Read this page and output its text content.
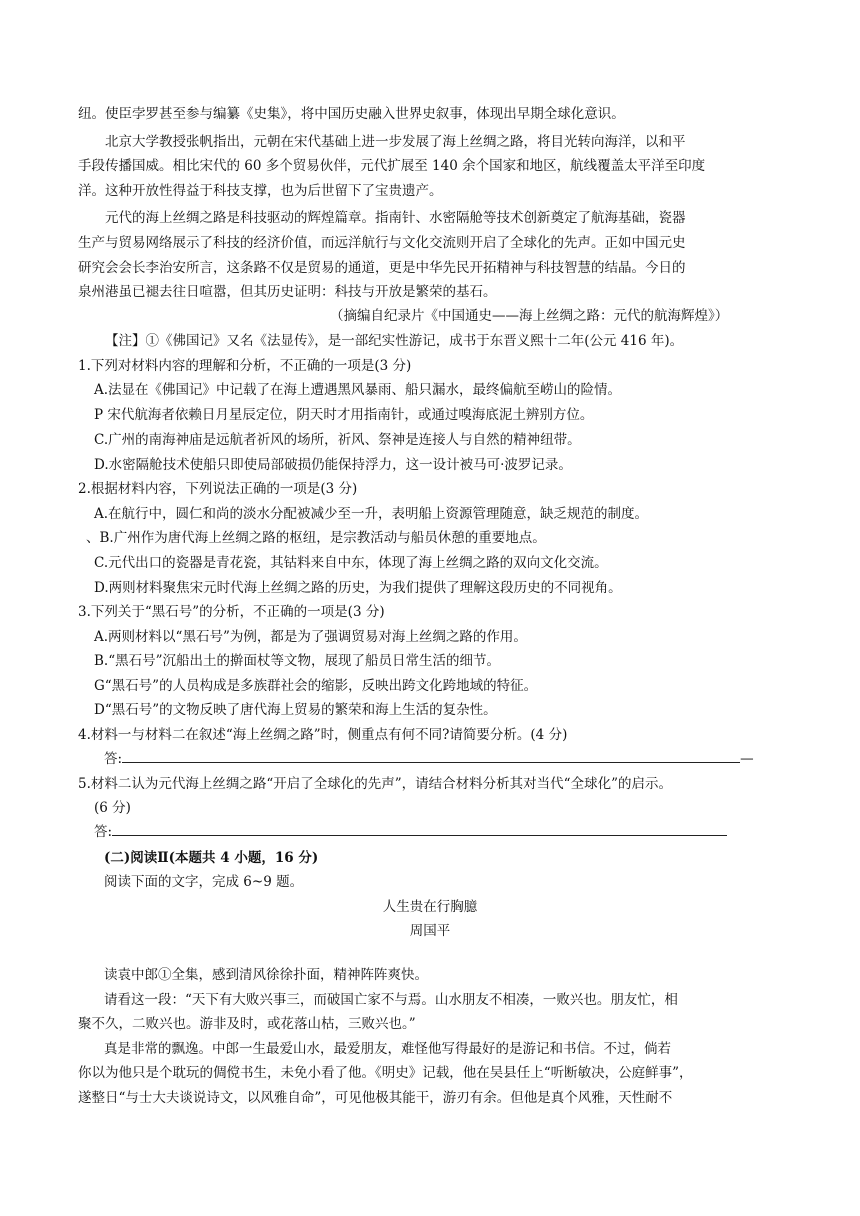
纽。使臣孛罗甚至参与编纂《史集》，将中国历史融入世界史叙事，体现出早期全球化意识。
北京大学教授张帆指出，元朝在宋代基础上进一步发展了海上丝绸之路，将目光转向海洋，以和平
手段传播国威。相比宋代的 60 多个贸易伙伴，元代扩展至 140 余个国家和地区，航线覆盖太平洋至印度
洋。这种开放性得益于科技支撑，也为后世留下了宝贵遗产。
元代的海上丝绸之路是科技驱动的辉煌篇章。指南针、水密隔舱等技术创新奠定了航海基础，瓷器
生产与贸易网络展示了科技的经济价值，而远洋航行与文化交流则开启了全球化的先声。正如中国元史
研究会会长李治安所言，这条路不仅是贸易的通道，更是中华先民开拓精神与科技智慧的结晶。今日的
泉州港虽已褪去往日喧嚣，但其历史证明：科技与开放是繁荣的基石。
（摘编自纪录片《中国通史——海上丝绸之路：元代的航海辉煌》）
【注】①《佛国记》又名《法显传》，是一部纪实性游记，成书于东晋义熙十二年(公元 416 年)。
1.下列对材料内容的理解和分析，不正确的一项是(3 分)
A.法显在《佛国记》中记载了在海上遭遇黑风暴雨、船只漏水，最终偏航至崂山的险情。
P 宋代航海者依赖日月星辰定位，阴天时才用指南针，或通过嗅海底泥土辨别方位。
C.广州的南海神庙是远航者祈风的场所，祈风、祭神是连接人与自然的精神纽带。
D.水密隔舱技术使船只即使局部破损仍能保持浮力，这一设计被马可·波罗记录。
2.根据材料内容，下列说法正确的一项是(3 分)
A.在航行中，圆仁和尚的淡水分配被减少至一升，表明船上资源管理随意，缺乏规范的制度。
、B.广州作为唐代海上丝绸之路的枢纽，是宗教活动与船员休憩的重要地点。
C.元代出口的瓷器是青花瓷，其钴料来自中东，体现了海上丝绸之路的双向文化交流。
D.两则材料聚焦宋元时代海上丝绸之路的历史，为我们提供了理解这段历史的不同视角。
3.下列关于“黑石号”的分析，不正确的一项是(3 分)
A.两则材料以“黑石号”为例，都是为了强调贸易对海上丝绸之路的作用。
B.“黑石号”沉船出土的擀面杖等文物，展现了船员日常生活的细节。
G“黑石号”的人员构成是多族群社会的缩影，反映出跨文化跨地域的特征。
D“黑石号”的文物反映了唐代海上贸易的繁荣和海上生活的复杂性。
4.材料一与材料二在叙述“海上丝绸之路”时，侧重点有何不同?请简要分析。(4 分)
答:	—
5.材料二认为元代海上丝绸之路“开启了全球化的先声”，请结合材料分析其对当代“全球化”的启示。
(6 分)
答:
(二)阅读Ⅱ(本题共 4 小题，16 分)
阅读下面的文字，完成 6~9 题。
人生贵在行胸臆
周国平
读袁中郎①全集，感到清风徐徐扑面，精神阵阵爽快。
请看这一段：“天下有大败兴事三，而破国亡家不与焉。山水朋友不相凑，一败兴也。朋友忙，相
聚不久，二败兴也。游非及时，或花落山枯，三败兴也。”
真是非常的飘逸。中郎一生最爱山水，最爱朋友，难怪他写得最好的是游记和书信。不过，倘若
你以为他只是个耽玩的倜傥书生，未免小看了他。《明史》记载，他在吴县任上“听断敏决，公庭鲜事”，
遂整日“与士大夫谈说诗文，以风雅自命”，可见他极其能干，游刃有余。但他是真个风雅，天性耐不
